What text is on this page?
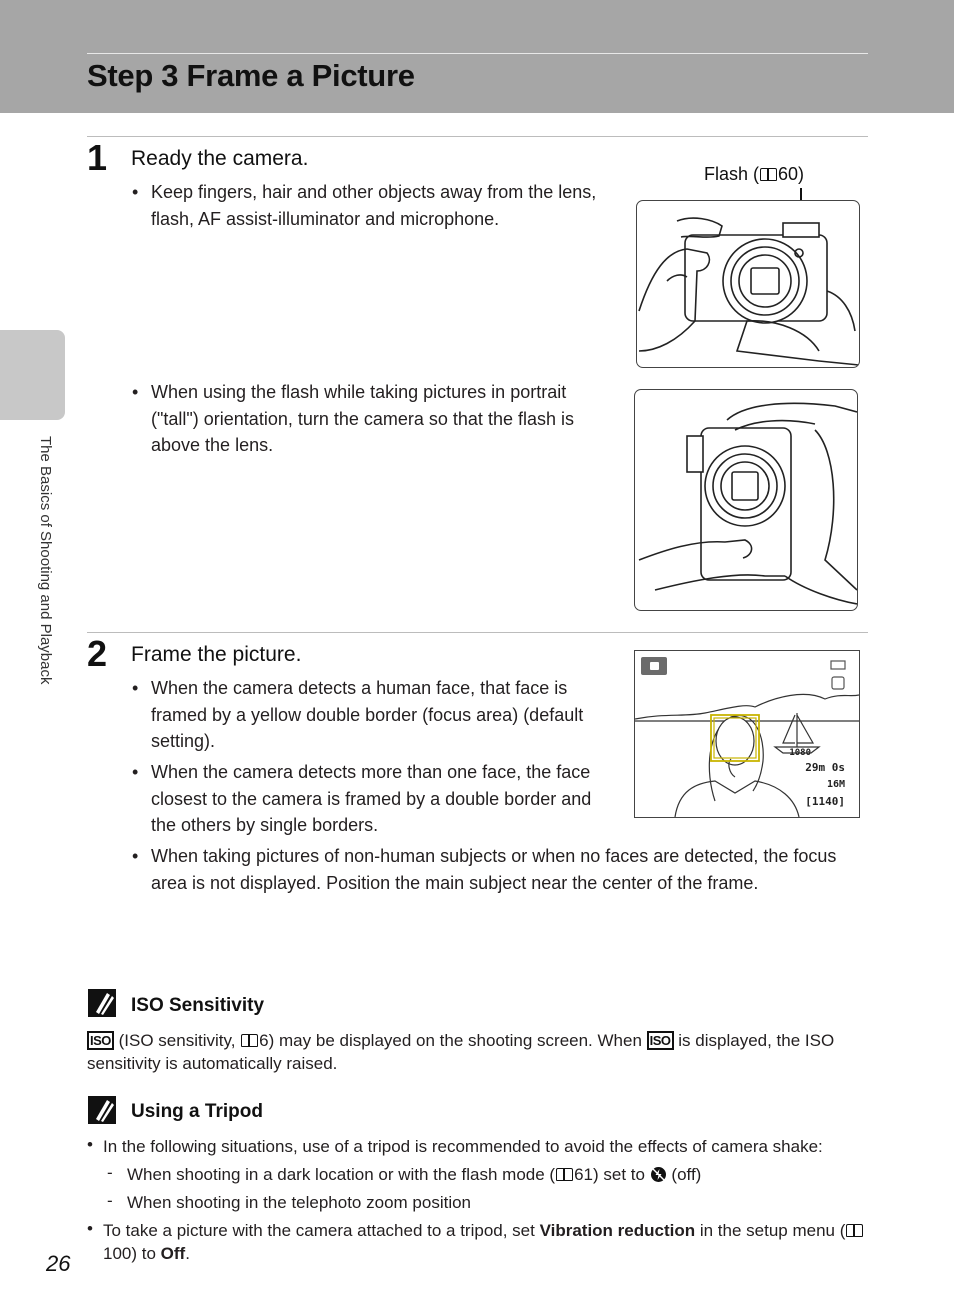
Step 3 Frame a Picture
The Basics of Shooting and Playback
1 Ready the camera.
• Keep fingers, hair and other objects away from the lens, flash, AF assist-illuminator and microphone.
• When using the flash while taking pictures in portrait ("tall") orientation, turn the camera so that the flash is above the lens.
Flash ( 60)
2 Frame the picture.
• When the camera detects a human face, that face is framed by a yellow double border (focus area) (default setting).
• When the camera detects more than one face, the face closest to the camera is framed by a double border and the others by single borders.
• When taking pictures of non-human subjects or when no faces are detected, the focus area is not displayed. Position the main subject near the center of the frame.
1080
29m 0s
16M
[1140]
ISO Sensitivity
ISO (ISO sensitivity, 6) may be displayed on the shooting screen. When ISO is displayed, the ISO sensitivity is automatically raised.
Using a Tripod
• In the following situations, use of a tripod is recommended to avoid the effects of camera shake:
- When shooting in a dark location or with the flash mode ( 61) set to  (off)
- When shooting in the telephoto zoom position
• To take a picture with the camera attached to a tripod, set Vibration reduction in the setup menu (100) to Off.
26
